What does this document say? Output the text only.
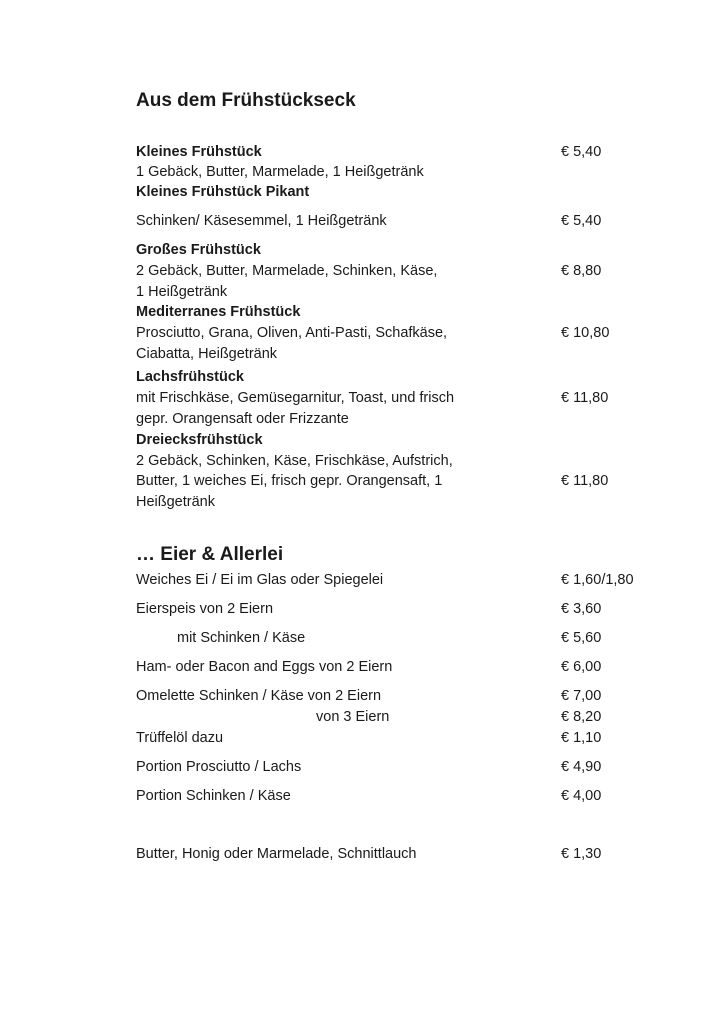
Aus dem Frühstückseck
Kleines Frühstück	€ 5,40
1 Gebäck, Butter, Marmelade, 1 Heißgetränk
Kleines Frühstück Pikant
Schinken/ Käsesemmel, 1 Heißgetränk	€ 5,40
Großes Frühstück
2 Gebäck, Butter, Marmelade, Schinken, Käse,	€ 8,80
1 Heißgetränk
Mediterranes Frühstück
Prosciutto, Grana, Oliven, Anti-Pasti, Schafkäse,	€ 10,80
Ciabatta, Heißgetränk
Lachsfrühstück
mit Frischkäse, Gemüsegarnitur, Toast, und frisch	€ 11,80
gepr. Orangensaft oder Frizzante
Dreiecksfrühstück
2 Gebäck, Schinken, Käse, Frischkäse, Aufstrich,
Butter, 1 weiches Ei, frisch gepr. Orangensaft, 1	€ 11,80
Heißgetränk
… Eier & Allerlei
Weiches Ei / Ei im Glas oder Spiegelei	€ 1,60/1,80
Eierspeis von 2 Eiern	€ 3,60
mit Schinken / Käse	€ 5,60
Ham- oder Bacon and Eggs von 2 Eiern	€ 6,00
Omelette Schinken / Käse von 2 Eiern	€ 7,00
von 3 Eiern	€ 8,20
Trüffelöl dazu	€ 1,10
Portion Prosciutto / Lachs	€ 4,90
Portion Schinken / Käse	€ 4,00
Butter, Honig oder Marmelade, Schnittlauch	€ 1,30
